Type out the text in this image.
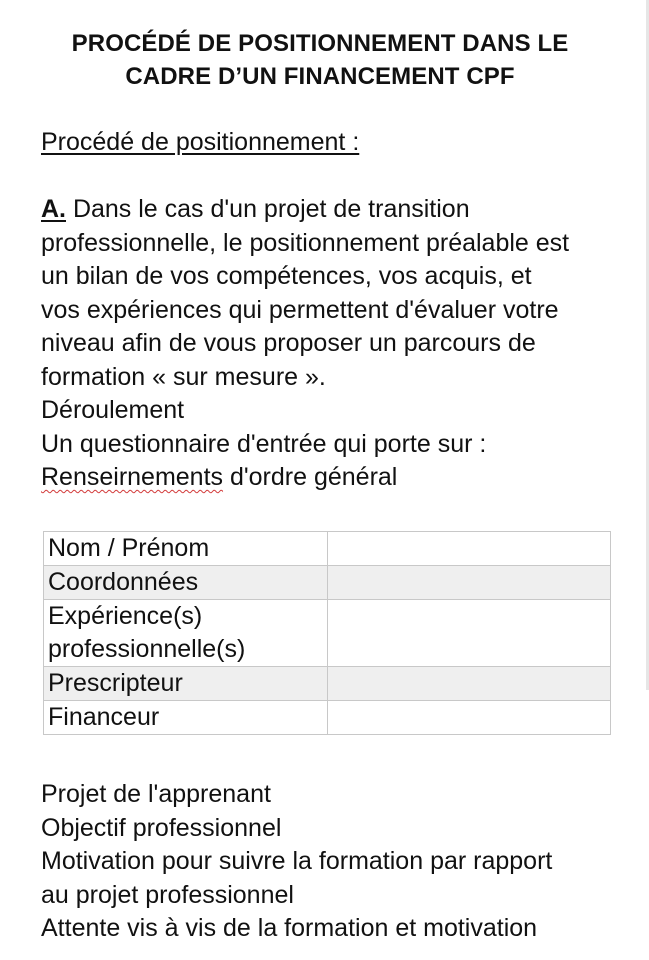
PROCÉDÉ DE POSITIONNEMENT DANS LE
CADRE D’UN FINANCEMENT CPF
Procédé de positionnement :
A. Dans le cas d'un projet de transition
professionnelle, le positionnement préalable est
un bilan de vos compétences, vos acquis, et
vos expériences qui permettent d'évaluer votre
niveau afin de vous proposer un parcours de
formation « sur mesure ».
Déroulement
Un questionnaire d'entrée qui porte sur :
Renseirnements d'ordre général
Nom / Prénom	
Coordonnées	
Expérience(s) professionnelle(s)	
Prescripteur	
Financeur	
Projet de l'apprenant
Objectif professionnel
Motivation pour suivre la formation par rapport
au projet professionnel
Attente vis à vis de la formation et motivation
